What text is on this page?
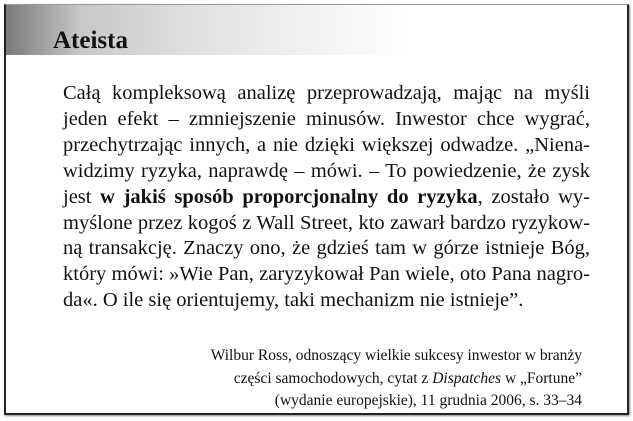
Ateista
Całą kompleksową analizę przeprowadzają, mając na myśli
jeden efekt – zmniejszenie minusów. Inwestor chce wygrać,
przechytrzając innych, a nie dzięki większej odwadze. „Niena-
widzimy ryzyka, naprawdę – mówi. – To powiedzenie, że zysk
jest w jakiś sposób proporcjonalny do ryzyka, zostało wy-
myślone przez kogoś z Wall Street, kto zawarł bardzo ryzykow-
ną transakcję. Znaczy ono, że gdzieś tam w górze istnieje Bóg,
który mówi: »Wie Pan, zaryzykował Pan wiele, oto Pana nagro-
da«. O ile się orientujemy, taki mechanizm nie istnieje”.
Wilbur Ross, odnoszący wielkie sukcesy inwestor w branży
części samochodowych, cytat z Dispatches w „Fortune”
(wydanie europejskie), 11 grudnia 2006, s. 33–34
